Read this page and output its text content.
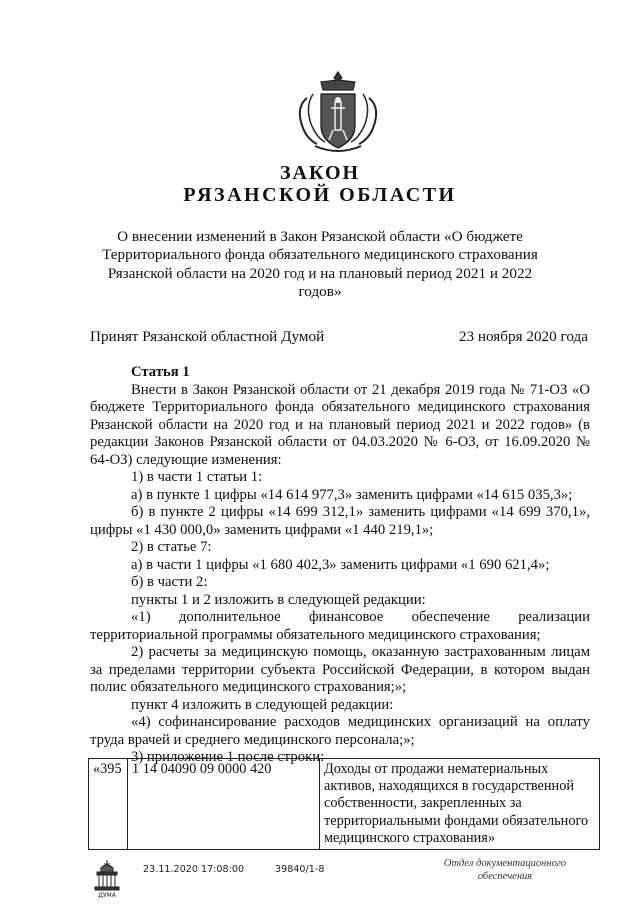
ЗАКОН
РЯЗАНСКОЙ ОБЛАСТИ
О внесении изменений в Закон Рязанской области «О бюджете Территориального фонда обязательного медицинского страхования Рязанской области на 2020 год и на плановый период 2021 и 2022 годов»
Принят Рязанской областной Думой	23 ноября 2020 года

Статья 1

Внести в Закон Рязанской области от 21 декабря 2019 года № 71-ОЗ «О бюджете Территориального фонда обязательного медицинского страхования Рязанской области на 2020 год и на плановый период 2021 и 2022 годов» (в редакции Законов Рязанской области от 04.03.2020 № 6-ОЗ, от 16.09.2020 № 64-ОЗ) следующие изменения:

1) в части 1 статьи 1:

а) в пункте 1 цифры «14 614 977,3» заменить цифрами «14 615 035,3»;

б) в пункте 2 цифры «14 699 312,1» заменить цифрами «14 699 370,1», цифры «1 430 000,0» заменить цифрами «1 440 219,1»;

2) в статье 7:

а) в части 1 цифры «1 680 402,3» заменить цифрами «1 690 621,4»;

б) в части 2:

пункты 1 и 2 изложить в следующей редакции:

«1) дополнительное финансовое обеспечение реализации территориальной программы обязательного медицинского страхования;

2) расчеты за медицинскую помощь, оказанную застрахованным лицам за пределами территории субъекта Российской Федерации, в котором выдан полис обязательного медицинского страхования;»;

пункт 4 изложить в следующей редакции:

«4) софинансирование расходов медицинских организаций на оплату труда врачей и среднего медицинского персонала;»;

3) приложение 1 после строки:

«395	1 14 04090 09 0000 420	Доходы от продажи нематериальных активов, находящихся в государственной собственности, закрепленных за территориальными фондами обязательного медицинского страхования»
ДУМА
23.11.2020 17:08:00	39840/1-8
Отдел документационного обеспечения
